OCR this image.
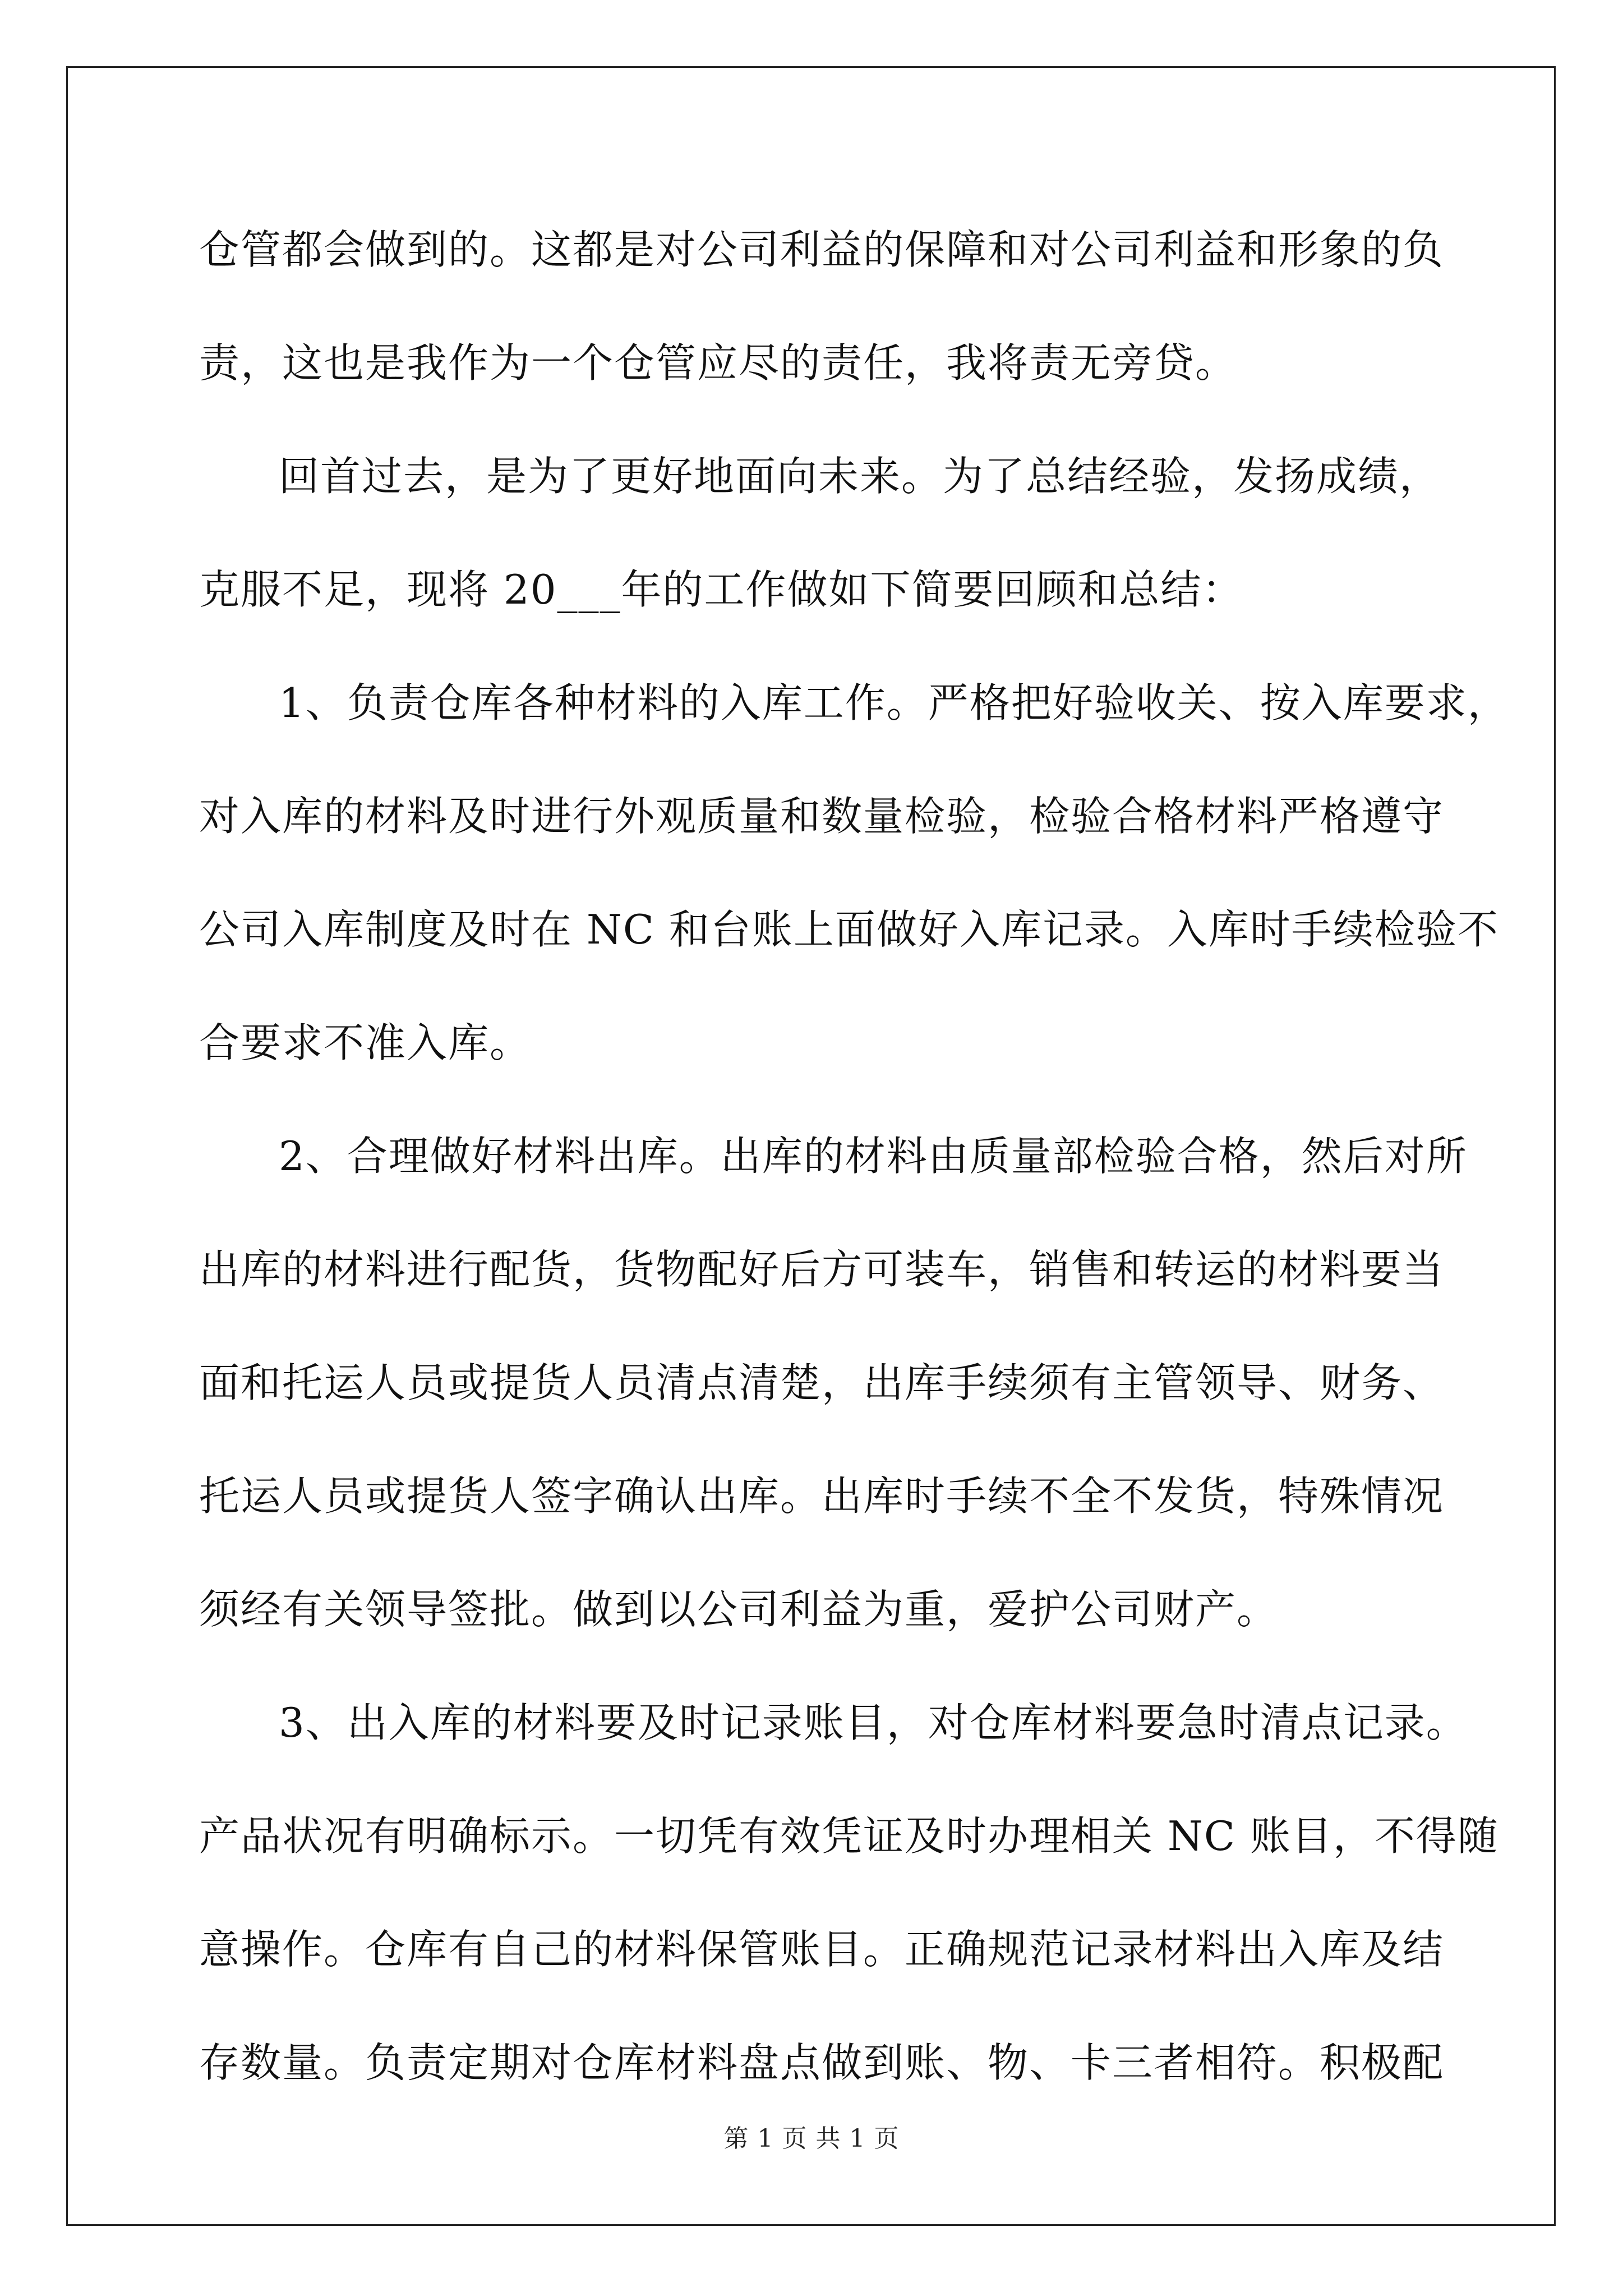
仓管都会做到的。这都是对公司利益的保障和对公司利益和形象的负
责，这也是我作为一个仓管应尽的责任，我将责无旁贷。
回首过去，是为了更好地面向未来。为了总结经验，发扬成绩，
克服不足，现将 20___年的工作做如下简要回顾和总结：
1、负责仓库各种材料的入库工作。严格把好验收关、按入库要求，
对入库的材料及时进行外观质量和数量检验，检验合格材料严格遵守
公司入库制度及时在 NC 和台账上面做好入库记录。入库时手续检验不
合要求不准入库。
2、合理做好材料出库。出库的材料由质量部检验合格，然后对所
出库的材料进行配货，货物配好后方可装车，销售和转运的材料要当
面和托运人员或提货人员清点清楚，出库手续须有主管领导、财务、
托运人员或提货人签字确认出库。出库时手续不全不发货，特殊情况
须经有关领导签批。做到以公司利益为重，爱护公司财产。
3、出入库的材料要及时记录账目，对仓库材料要急时清点记录。
产品状况有明确标示。一切凭有效凭证及时办理相关 NC 账目，不得随
意操作。仓库有自己的材料保管账目。正确规范记录材料出入库及结
存数量。负责定期对仓库材料盘点做到账、物、卡三者相符。积极配
第 1 页 共 1 页
